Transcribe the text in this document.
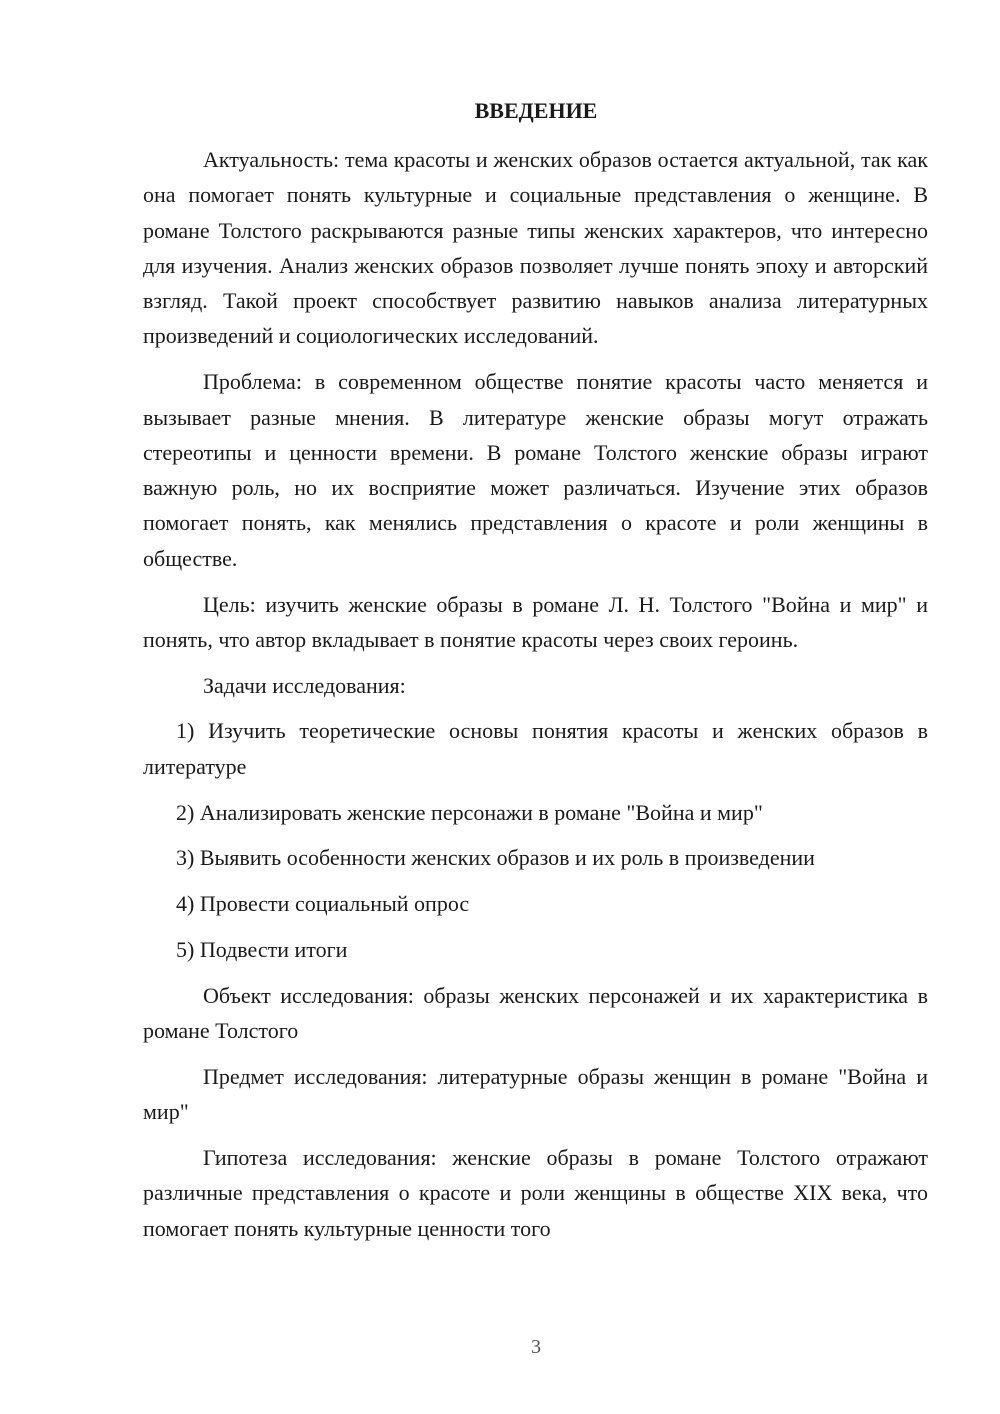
ВВЕДЕНИЕ

Актуальность: тема красоты и женских образов остается актуальной, так как она помогает понять культурные и социальные представления о женщине. В романе Толстого раскрываются разные типы женских характеров, что интересно для изучения. Анализ женских образов позволяет лучше понять эпоху и авторский взгляд. Такой проект способствует развитию навыков анализа литературных произведений и социологических исследований.

Проблема: в современном обществе понятие красоты часто меняется и вызывает разные мнения. В литературе женские образы могут отражать стереотипы и ценности времени. В романе Толстого женские образы играют важную роль, но их восприятие может различаться. Изучение этих образов помогает понять, как менялись представления о красоте и роли женщины в обществе.

Цель: изучить женские образы в романе Л. Н. Толстого "Война и мир" и понять, что автор вкладывает в понятие красоты через своих героинь.

Задачи исследования:

1) Изучить теоретические основы понятия красоты и женских образов в литературе

2) Анализировать женские персонажи в романе "Война и мир"

3) Выявить особенности женских образов и их роль в произведении

4) Провести социальный опрос

5) Подвести итоги

Объект исследования: образы женских персонажей и их характеристика в романе Толстого

Предмет исследования: литературные образы женщин в романе "Война и мир"

Гипотеза исследования: женские образы в романе Толстого отражают различные представления о красоте и роли женщины в обществе XIX века, что помогает понять культурные ценности того

3
